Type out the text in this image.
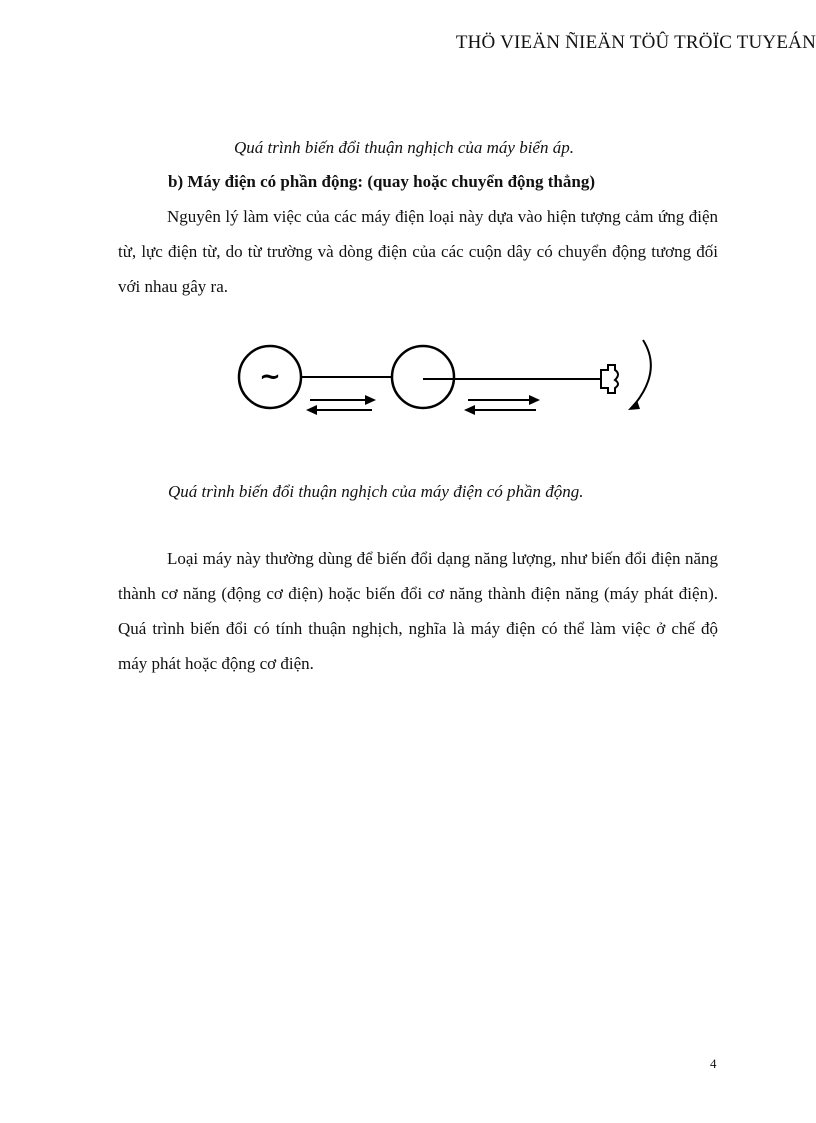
THÖ VIEÄN ÑIEÄN TÖÛ TRÖÏC TUYEÁN
Quá trình biến đổi thuận nghịch của máy biến áp.
b) Máy điện có phần động: (quay hoặc chuyển động thẳng)

Nguyên lý làm việc của các máy điện loại này dựa vào hiện tượng cảm ứng điện từ, lực điện từ, do từ trường và dòng điện của các cuộn dây có chuyển động tương đối với nhau gây ra.

~
Quá trình biến đổi thuận nghịch của máy điện có phần động.

Loại máy này thường dùng để biến đổi dạng năng lượng, như biến đổi điện năng thành cơ năng (động cơ điện) hoặc biến đổi cơ năng thành điện năng (máy phát điện). Quá trình biến đổi có tính thuận nghịch, nghĩa là máy điện có thể làm việc ở chế độ máy phát hoặc động cơ điện.

4
